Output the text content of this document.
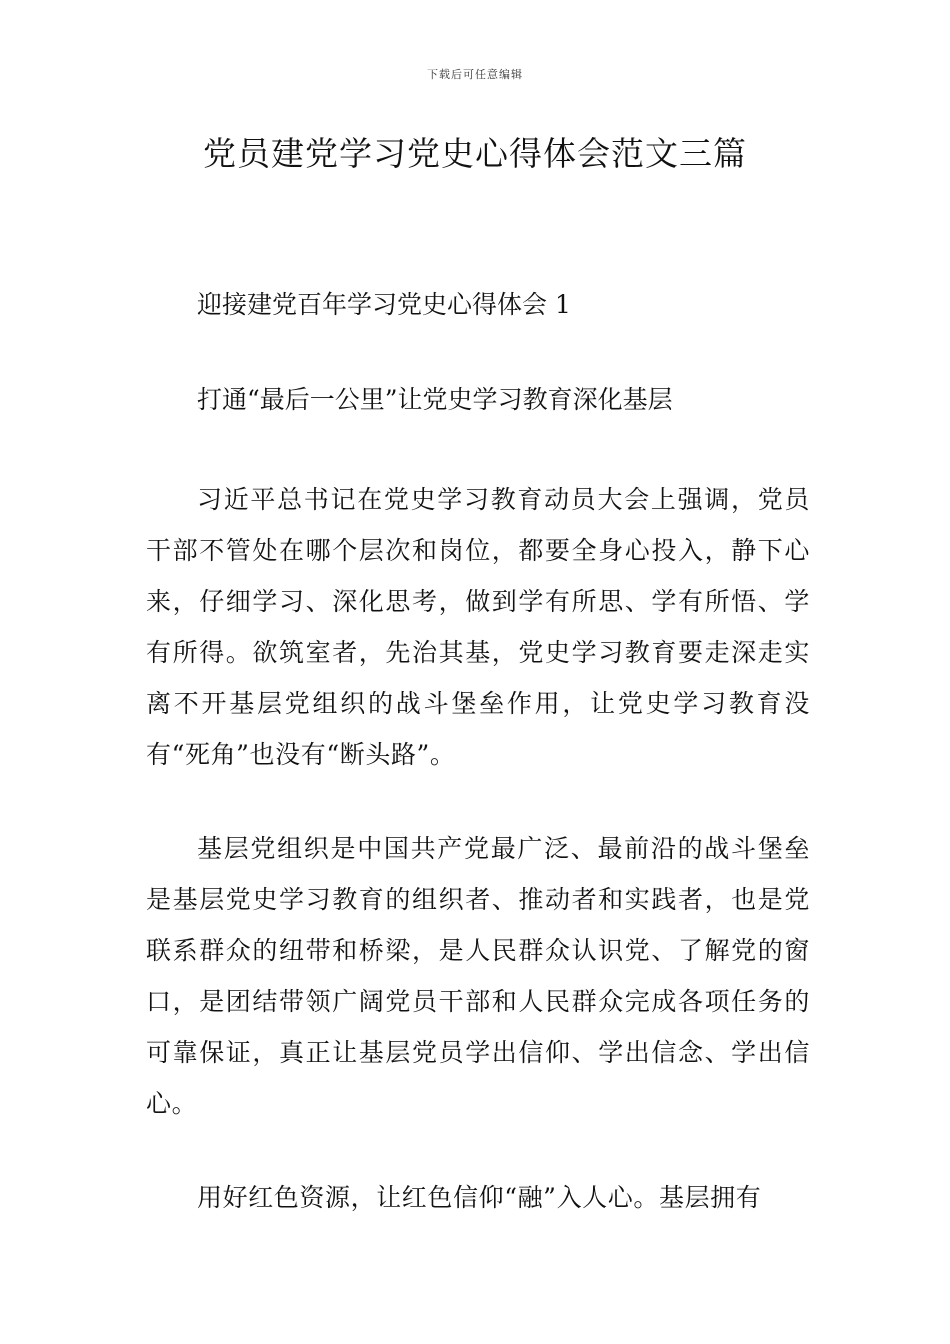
下载后可任意编辑
党员建党学习党史心得体会范文三篇

迎接建党百年学习党史心得体会 1

打通“最后一公里”让党史学习教育深化基层

习近平总书记在党史学习教育动员大会上强调，党员干部不管处在哪个层次和岗位，都要全身心投入，静下心来，仔细学习、深化思考，做到学有所思、学有所悟、学有所得。欲筑室者，先治其基，党史学习教育要走深走实离不开基层党组织的战斗堡垒作用，让党史学习教育没有“死角”也没有“断头路”。

基层党组织是中国共产党最广泛、最前沿的战斗堡垒是基层党史学习教育的组织者、推动者和实践者，也是党联系群众的纽带和桥梁，是人民群众认识党、了解党的窗口，是团结带领广阔党员干部和人民群众完成各项任务的可靠保证，真正让基层党员学出信仰、学出信念、学出信心。

用好红色资源，让红色信仰“融”入人心。基层拥有
